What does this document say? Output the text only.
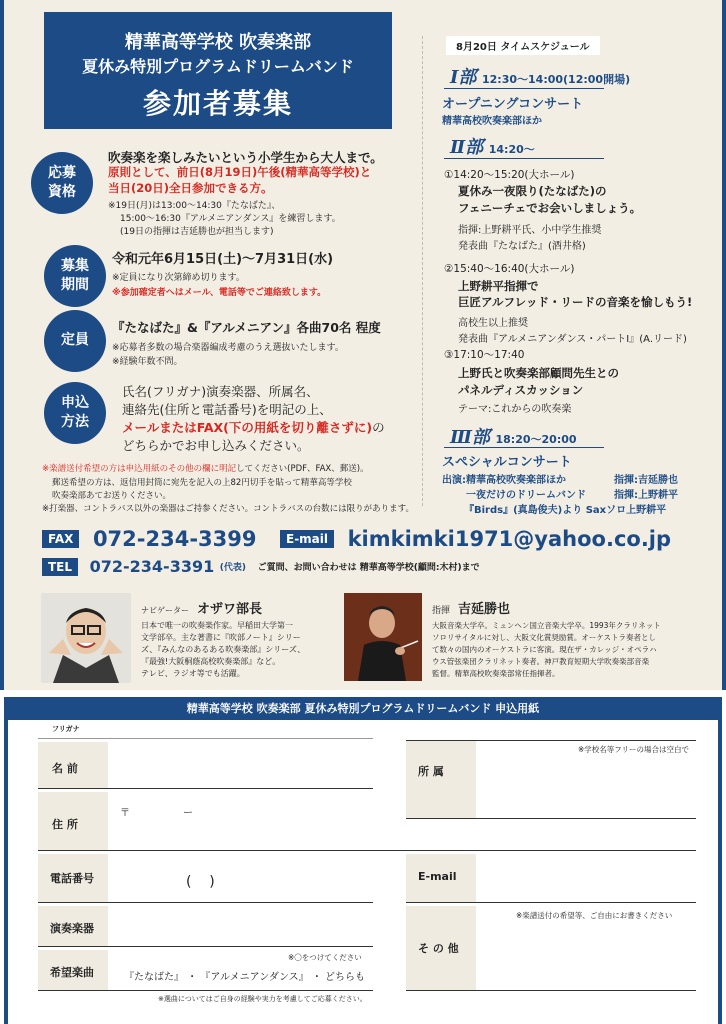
精華高等学校 吹奏楽部
夏休み特別プログラムドリームバンド
参加者募集
応募
資格
吹奏楽を楽しみたいという小学生から大人まで。
原則として、前日(8月19日)午後(精華高等学校)と
当日(20日)全日参加できる方。
※19日(月)は13:00〜14:30『たなばた』、
15:00〜16:30『アルメニアンダンス』を練習します。
(19日の指揮は吉延勝也が担当します)
募集
期間
令和元年6月15日(土)〜7月31日(水)
※定員になり次第締め切ります。
※参加確定者へはメール、電話等でご連絡致します。
定員
『たなばた』&『アルメニアン』各曲70名 程度
※応募者多数の場合楽器編成考慮のうえ選抜いたします。
※経験年数不問。
申込
方法
氏名(フリガナ)演奏楽器、所属名、
連絡先(住所と電話番号)を明記の上、
メールまたはFAX(下の用紙を切り離さずに)の
どちらかでお申し込みください。
※楽譜送付希望の方は申込用紙のその他の欄に明記してください(PDF、FAX、郵送)。
郵送希望の方は、返信用封筒に宛先を記入の上82円切手を貼って精華高等学校
吹奏楽部あてお送りください。
※打楽器、コントラバス以外の楽器はご持参ください。コントラバスの台数には限りがあります。
8月20日 タイムスケジュール
Ⅰ部 12:30〜14:00(12:00開場)
オープニングコンサート
精華高校吹奏楽部ほか
Ⅱ部 14:20〜
①14:20〜15:20(大ホール)
夏休み一夜限り(たなばた)の
フェニーチェでお会いしましょう。
指揮:上野耕平氏、小中学生推奨
発表曲『たなばた』(酒井格)
②15:40〜16:40(大ホール)
上野耕平指揮で
巨匠アルフレッド・リードの音楽を愉しもう!
高校生以上推奨
発表曲『アルメニアンダンス・パートⅠ』(A.リード)
③17:10〜17:40
上野氏と吹奏楽部顧問先生との
パネルディスカッション
テーマ:これからの吹奏楽
Ⅲ部 18:20〜20:00
スペシャルコンサート
出演:精華高校吹奏楽部ほか	指揮:吉延勝也
一夜だけのドリームバンド	指揮:上野耕平
『Birds』(真島俊夫)より Saxソロ上野耕平
FAX 072-234-3399	E-mail kimkimki1971@yahoo.co.jp
TEL 072-234-3391 (代表) ご質問、お問い合わせは 精華高等学校(顧問:木村)まで
ナビゲーター オザワ部長
日本で唯一の吹奏楽作家。早稲田大学第一
文学部卒。主な著書に『吹部ノート』シリー
ズ、『みんなのあるある吹奏楽部』シリーズ、
『最強!大阪桐蔭高校吹奏楽部』など。
テレビ、ラジオ等でも活躍。
指揮 吉延勝也
大阪音楽大学卒。ミュンヘン国立音楽大学卒。1993年クラリネット
ソロリサイタルに対し、大阪文化賞奨励賞。オーケストラ奏者とし
て数々の国内のオーケストラに客演。現在ザ・カレッジ・オペラハ
ウス管弦楽団クラリネット奏者。神戸教育短期大学吹奏楽部音楽
監督。精華高校吹奏楽部常任指揮者。
精華高等学校 吹奏楽部 夏休み特別プログラムドリームバンド 申込用紙
フリガナ
名 前	所 属
※学校名等フリーの場合は空白で
住 所
〒	ー
電話番号	(    )	E-mail
演奏楽器
希望楽曲
※〇をつけてください
『たなばた』 ・ 『アルメニアンダンス』 ・ どちらも
そ の 他
※楽譜送付の希望等、ご自由にお書きください
※選曲についてはご自身の経験や実力を考慮してご応募ください。
